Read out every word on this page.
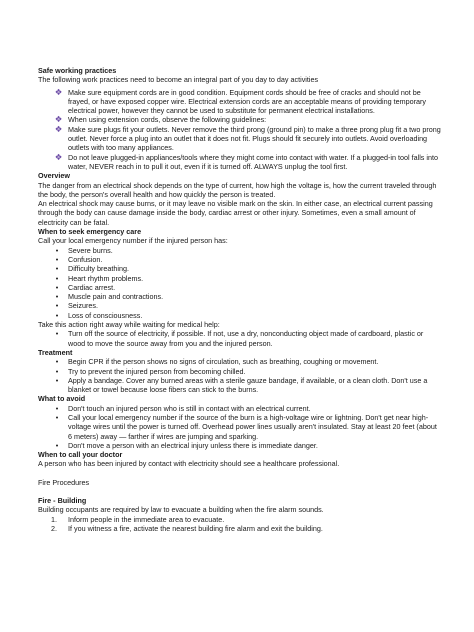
Safe working practices

The following work practices need to become an integral part of you day to day activities

❖ Make sure equipment cords are in good condition. Equipment cords should be free of cracks and should not be frayed, or have exposed copper wire. Electrical extension cords are an acceptable means of providing temporary electrical power, however they cannot be used to substitute for permanent electrical installations.
❖ When using extension cords, observe the following guidelines:
❖ Make sure plugs fit your outlets. Never remove the third prong (ground pin) to make a three prong plug fit a two prong outlet. Never force a plug into an outlet that it does not fit. Plugs should fit securely into outlets. Avoid overloading outlets with too many appliances.
❖ Do not leave plugged-in appliances/tools where they might come into contact with water. If a plugged-in tool falls into water, NEVER reach in to pull it out, even if it is turned off. ALWAYS unplug the tool first.

Overview

The danger from an electrical shock depends on the type of current, how high the voltage is, how the current traveled through the body, the person's overall health and how quickly the person is treated.

An electrical shock may cause burns, or it may leave no visible mark on the skin. In either case, an electrical current passing through the body can cause damage inside the body, cardiac arrest or other injury. Sometimes, even a small amount of electricity can be fatal.

When to seek emergency care

Call your local emergency number if the injured person has:

•	Severe burns.
•	Confusion.
•	Difficulty breathing.
•	Heart rhythm problems.
•	Cardiac arrest.
•	Muscle pain and contractions.
•	Seizures.
•	Loss of consciousness.

Take this action right away while waiting for medical help:

•	Turn off the source of electricity, if possible. If not, use a dry, nonconducting object made of cardboard, plastic or wood to move the source away from you and the injured person.

Treatment

•	Begin CPR if the person shows no signs of circulation, such as breathing, coughing or movement.
•	Try to prevent the injured person from becoming chilled.
•	Apply a bandage. Cover any burned areas with a sterile gauze bandage, if available, or a clean cloth. Don't use a blanket or towel because loose fibers can stick to the burns.

What to avoid

•	Don't touch an injured person who is still in contact with an electrical current.
•	Call your local emergency number if the source of the burn is a high-voltage wire or lightning. Don't get near high-voltage wires until the power is turned off. Overhead power lines usually aren't insulated. Stay at least 20 feet (about 6 meters) away — farther if wires are jumping and sparking.
•	Don't move a person with an electrical injury unless there is immediate danger.

When to call your doctor

A person who has been injured by contact with electricity should see a healthcare professional.

Fire Procedures

Fire - Building

Building occupants are required by law to evacuate a building when the fire alarm sounds.

1.	Inform people in the immediate area to evacuate.
2.	If you witness a fire, activate the nearest building fire alarm and exit the building.
